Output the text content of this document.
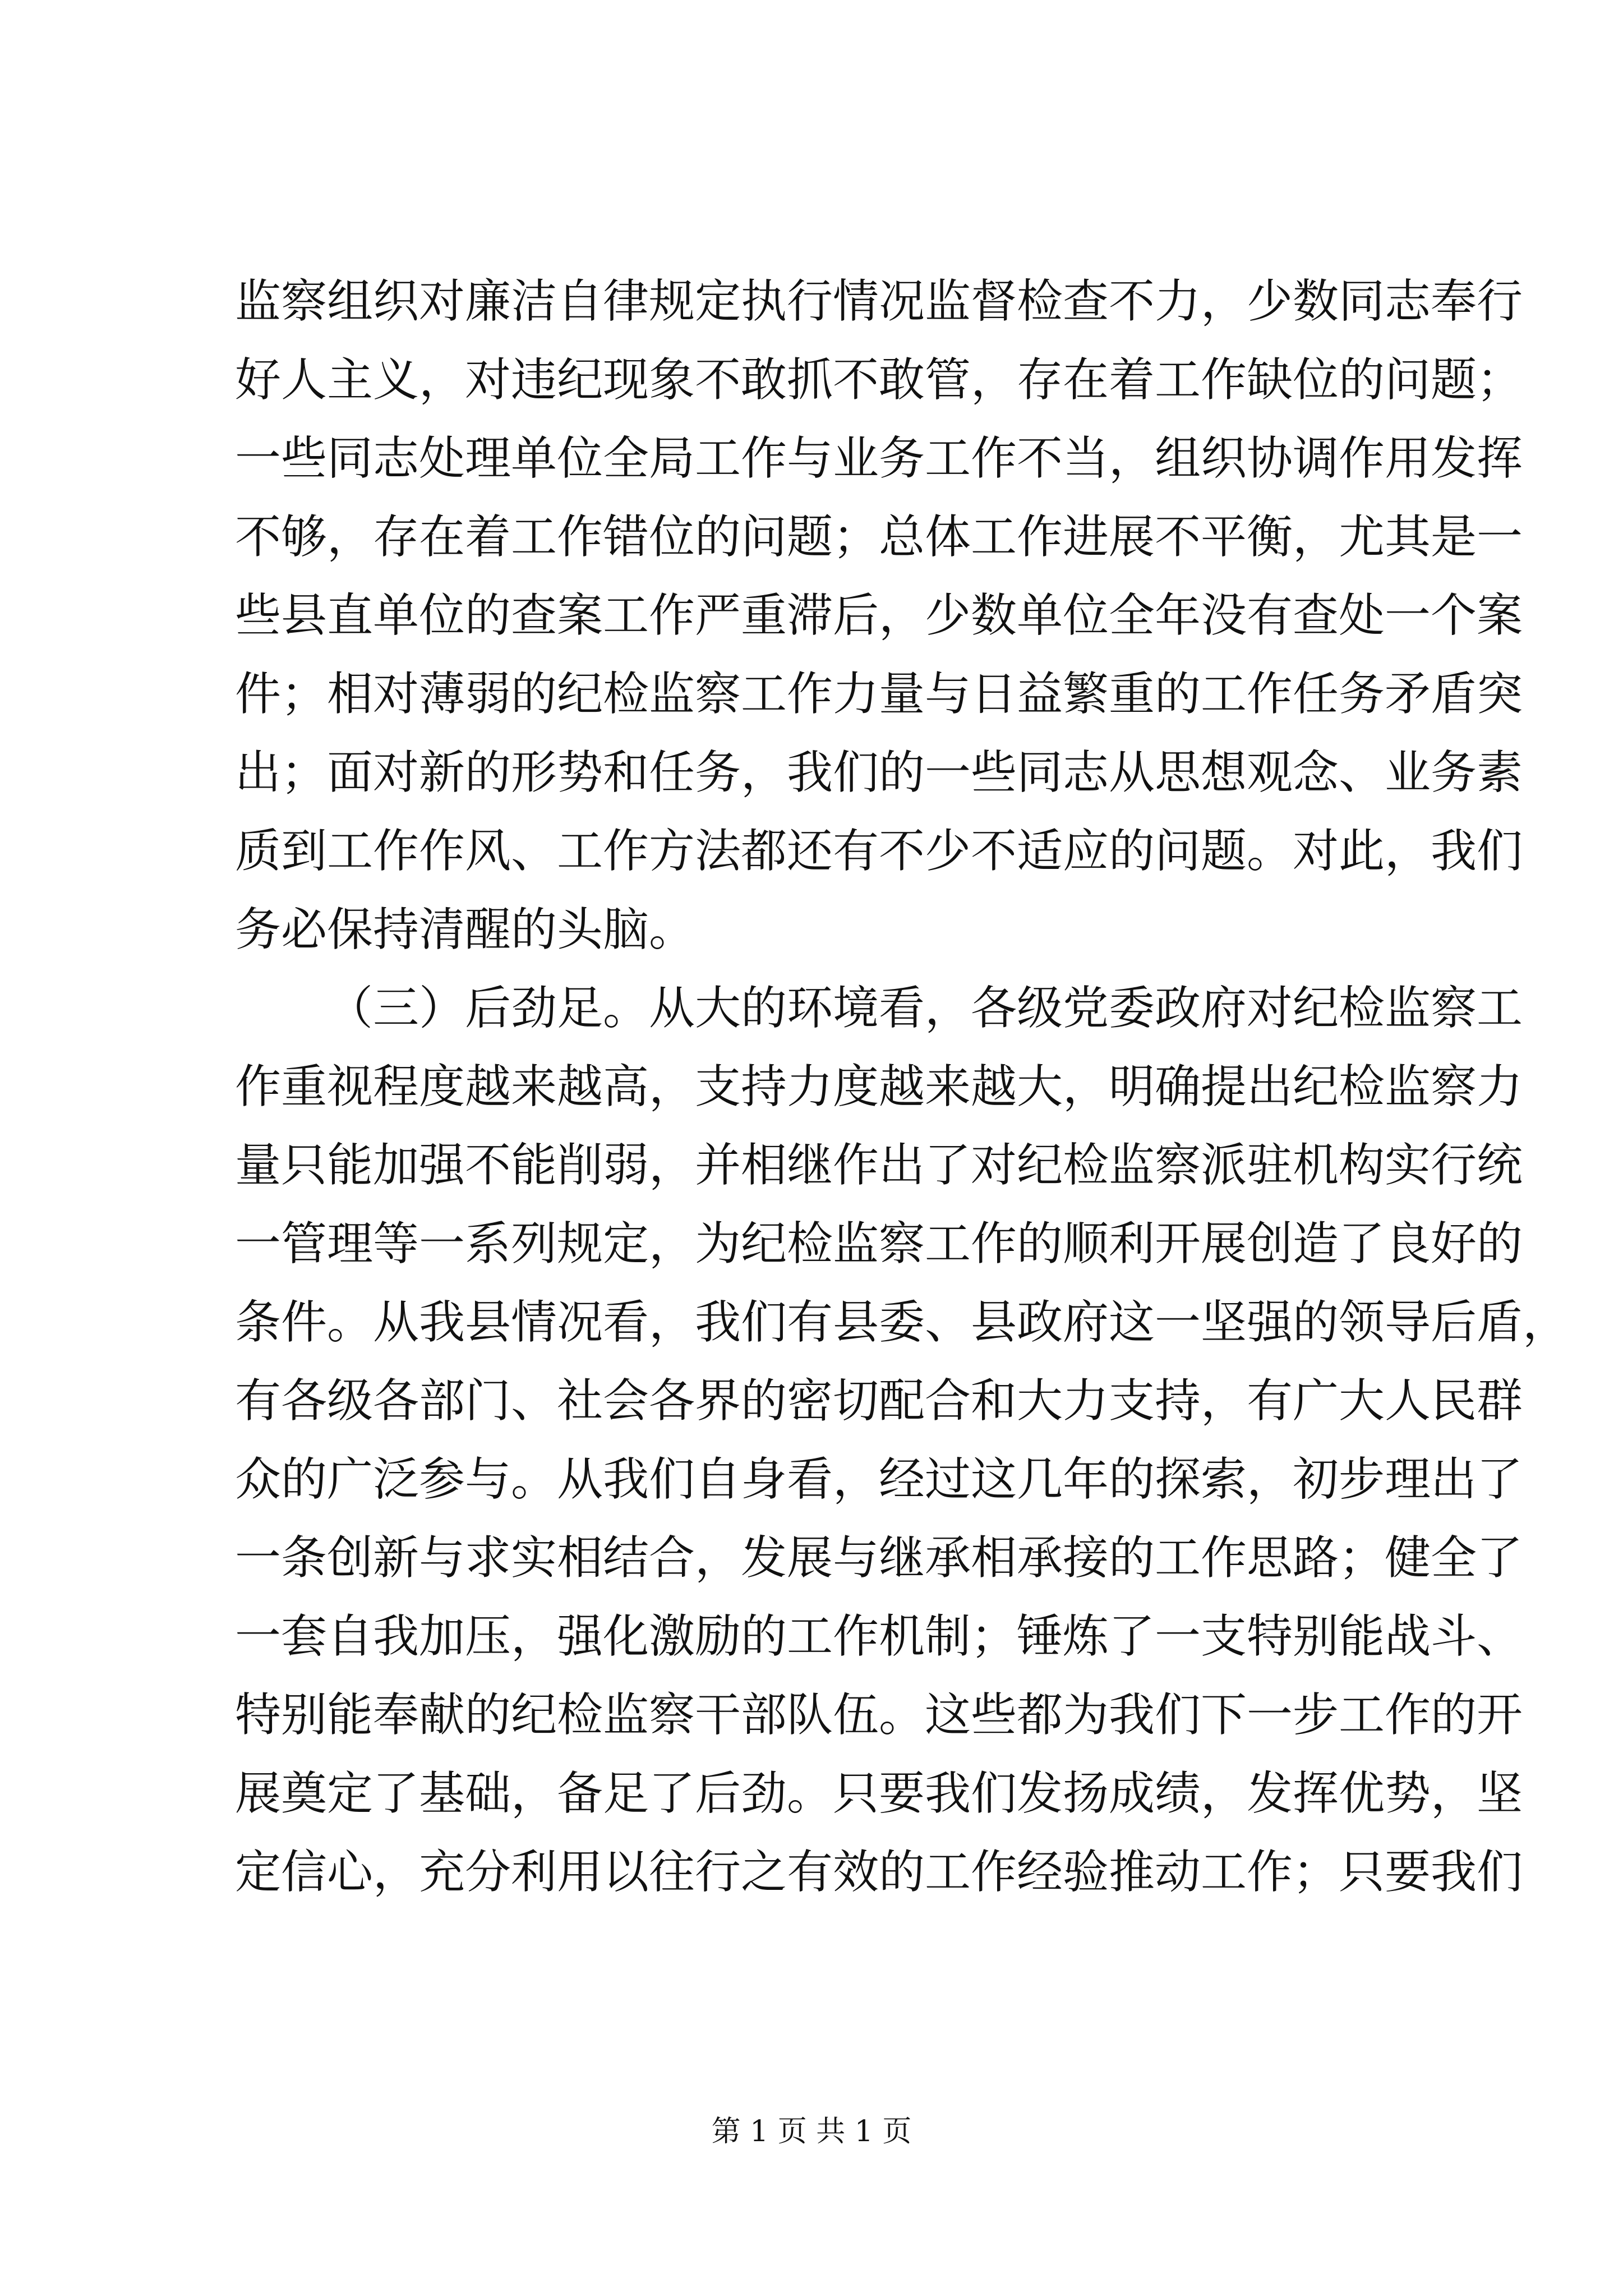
监察组织对廉洁自律规定执行情况监督检查不力，少数同志奉行
好人主义，对违纪现象不敢抓不敢管，存在着工作缺位的问题；
一些同志处理单位全局工作与业务工作不当，组织协调作用发挥
不够，存在着工作错位的问题；总体工作进展不平衡，尤其是一
些县直单位的查案工作严重滞后，少数单位全年没有查处一个案
件；相对薄弱的纪检监察工作力量与日益繁重的工作任务矛盾突
出；面对新的形势和任务，我们的一些同志从思想观念、业务素
质到工作作风、工作方法都还有不少不适应的问题。对此，我们
务必保持清醒的头脑。
（三）后劲足。从大的环境看，各级党委政府对纪检监察工
作重视程度越来越高，支持力度越来越大，明确提出纪检监察力
量只能加强不能削弱，并相继作出了对纪检监察派驻机构实行统
一管理等一系列规定，为纪检监察工作的顺利开展创造了良好的
条件。从我县情况看，我们有县委、县政府这一坚强的领导后盾，
有各级各部门、社会各界的密切配合和大力支持，有广大人民群
众的广泛参与。从我们自身看，经过这几年的探索，初步理出了
一条创新与求实相结合，发展与继承相承接的工作思路；健全了
一套自我加压，强化激励的工作机制；锤炼了一支特别能战斗、
特别能奉献的纪检监察干部队伍。这些都为我们下一步工作的开
展奠定了基础，备足了后劲。只要我们发扬成绩，发挥优势，坚
定信心，充分利用以往行之有效的工作经验推动工作；只要我们
第 1 页 共 1 页
